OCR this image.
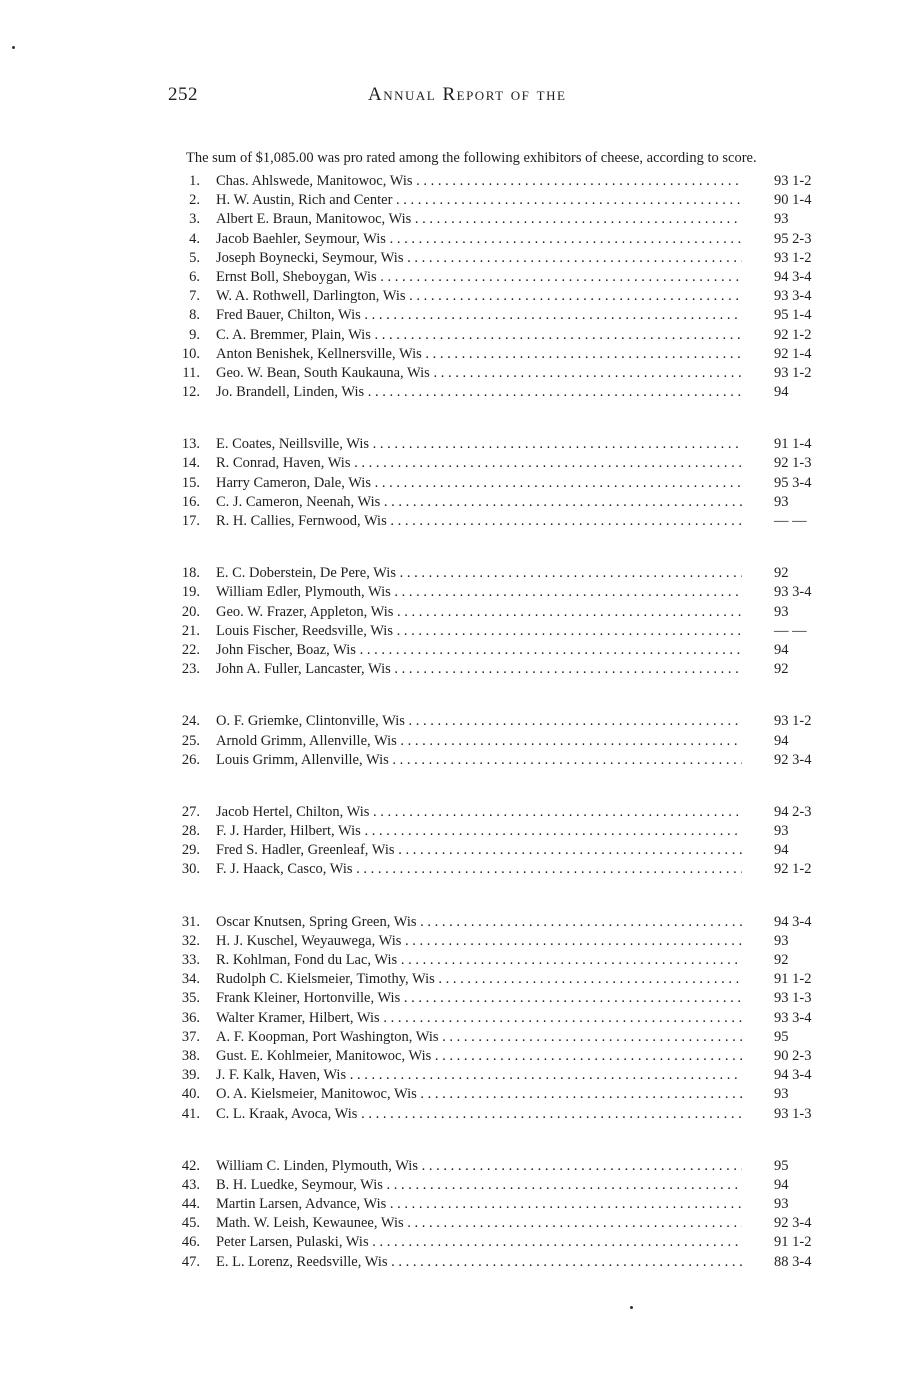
252	Annual Report of the

The sum of $1,085.00 was pro rated among the following exhibitors of cheese, according to score.

1. Chas. Ahlswede, Manitowoc, Wis . . .	93 1-2
2. H. W. Austin, Rich and Center . . .	90 1-4
3. Albert E. Braun, Manitowoc, Wis . . .	93
4. Jacob Baehler, Seymour, Wis . . .	95 2-3
5. Joseph Boynecki, Seymour, Wis . . .	93 1-2
6. Ernst Boll, Sheboygan, Wis . . .	94 3-4
7. W. A. Rothwell, Darlington, Wis . . .	93 3-4
8. Fred Bauer, Chilton, Wis . . .	95 1-4
9. C. A. Bremmer, Plain, Wis . . .	92 1-2
10. Anton Benishek, Kellnersville, Wis . . .	92 1-4
11. Geo. W. Bean, South Kaukauna, Wis . . .	93 1-2
12. Jo. Brandell, Linden, Wis . . .	94
13. E. Coates, Neillsville, Wis . . .	91 1-4
14. R. Conrad, Haven, Wis . . .	92 1-3
15. Harry Cameron, Dale, Wis . . .	95 3-4
16. C. J. Cameron, Neenah, Wis . . .	93
17. R. H. Callies, Fernwood, Wis . . .	— —
18. E. C. Doberstein, De Pere, Wis . . .	92
19. William Edler, Plymouth, Wis . . .	93 3-4
20. Geo. W. Frazer, Appleton, Wis . . .	93
21. Louis Fischer, Reedsville, Wis . . .	— —
22. John Fischer, Boaz, Wis . . .	94
23. John A. Fuller, Lancaster, Wis . . .	92
24. O. F. Griemke, Clintonville, Wis . . .	93 1-2
25. Arnold Grimm, Allenville, Wis . . .	94
26. Louis Grimm, Allenville, Wis . . .	92 3-4
27. Jacob Hertel, Chilton, Wis . . .	94 2-3
28. F. J. Harder, Hilbert, Wis . . .	93
29. Fred S. Hadler, Greenleaf, Wis . . .	94
30. F. J. Haack, Casco, Wis . . .	92 1-2
31. Oscar Knutsen, Spring Green, Wis . . .	94 3-4
32. H. J. Kuschel, Weyauwega, Wis . . .	93
33. R. Kohlman, Fond du Lac, Wis . . .	92
34. Rudolph C. Kielsmeier, Timothy, Wis . . .	91 1-2
35. Frank Kleiner, Hortonville, Wis . . .	93 1-3
36. Walter Kramer, Hilbert, Wis . . .	93 3-4
37. A. F. Koopman, Port Washington, Wis . . .	95
38. Gust. E. Kohlmeier, Manitowoc, Wis . . .	90 2-3
39. J. F. Kalk, Haven, Wis . . .	94 3-4
40. O. A. Kielsmeier, Manitowoc, Wis . . .	93
41. C. L. Kraak, Avoca, Wis . . .	93 1-3
42. William C. Linden, Plymouth, Wis . . .	95
43. B. H. Luedke, Seymour, Wis . . .	94
44. Martin Larsen, Advance, Wis . . .	93
45. Math. W. Leish, Kewaunee, Wis . . .	92 3-4
46. Peter Larsen, Pulaski, Wis . . .	91 1-2
47. E. L. Lorenz, Reedsville, Wis . . .	88 3-4
